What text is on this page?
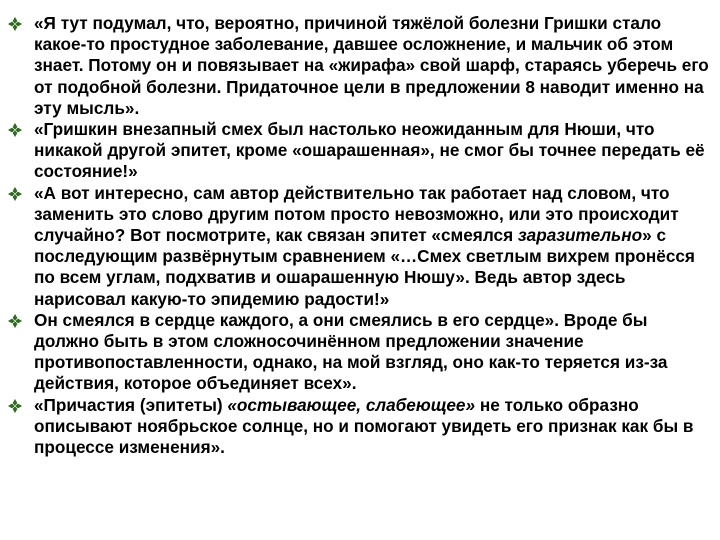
«Я тут подумал, что, вероятно, причиной тяжёлой болезни Гришки стало какое-то простудное заболевание, давшее осложнение, и мальчик об этом знает. Потому он и повязывает на «жирафа» свой шарф, стараясь уберечь его от подобной болезни. Придаточное цели в предложении 8 наводит именно на эту мысль».
«Гришкин внезапный смех был настолько неожиданным для Нюши, что никакой другой эпитет, кроме «ошарашенная», не смог бы точнее передать её состояние!»
«А вот интересно, сам автор действительно так работает над словом, что заменить это слово другим потом просто невозможно, или это происходит случайно? Вот посмотрите, как связан эпитет «смеялся заразительно» с последующим развёрнутым сравнением «…Смех светлым вихрем пронёсся по всем углам, подхватив и ошарашенную Нюшу». Ведь автор здесь нарисовал какую-то эпидемию радости!»
Он смеялся в сердце каждого, а они смеялись в его сердце». Вроде бы должно быть в этом сложносочинённом предложении значение противопоставленности, однако, на мой взгляд, оно как-то теряется из-за действия, которое объединяет всех».
«Причастия (эпитеты) «остывающее, слабеющее» не только образно описывают ноябрьское солнце, но и помогают увидеть его признак как бы в процессе изменения».
